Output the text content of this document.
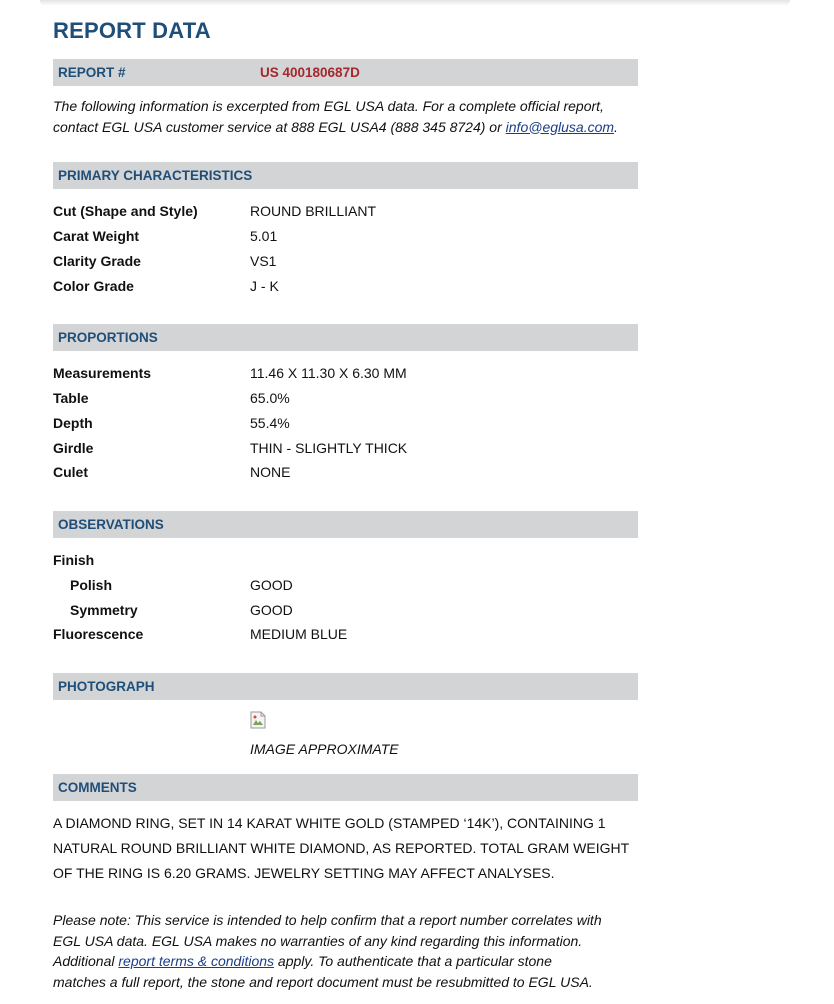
REPORT DATA
REPORT #	US 400180687D
The following information is excerpted from EGL USA data. For a complete official report, contact EGL USA customer service at 888 EGL USA4 (888 345 8724) or info@eglusa.com.
PRIMARY CHARACTERISTICS
Cut (Shape and Style)	ROUND BRILLIANT
Carat Weight	5.01
Clarity Grade	VS1
Color Grade	J - K
PROPORTIONS
Measurements	11.46 X 11.30 X 6.30 MM
Table	65.0%
Depth	55.4%
Girdle	THIN - SLIGHTLY THICK
Culet	NONE
OBSERVATIONS
Finish
Polish	GOOD
Symmetry	GOOD
Fluorescence	MEDIUM BLUE
PHOTOGRAPH
IMAGE APPROXIMATE
COMMENTS
A DIAMOND RING, SET IN 14 KARAT WHITE GOLD (STAMPED ‘14K’), CONTAINING 1 NATURAL ROUND BRILLIANT WHITE DIAMOND, AS REPORTED. TOTAL GRAM WEIGHT OF THE RING IS 6.20 GRAMS. JEWELRY SETTING MAY AFFECT ANALYSES.
Please note: This service is intended to help confirm that a report number correlates with EGL USA data. EGL USA makes no warranties of any kind regarding this information. Additional report terms & conditions apply. To authenticate that a particular stone matches a full report, the stone and report document must be resubmitted to EGL USA.
